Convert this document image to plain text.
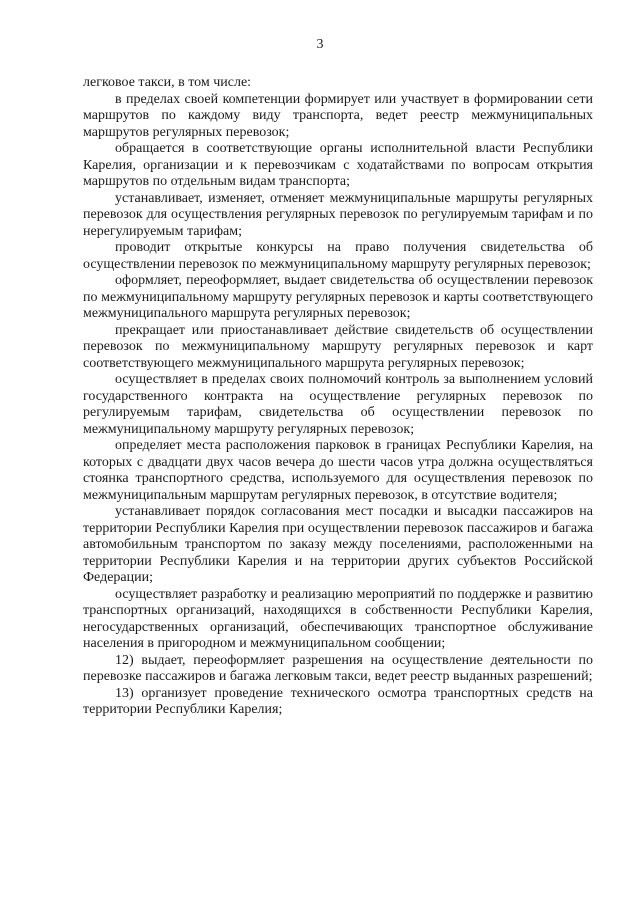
3

легковое такси, в том числе:

в пределах своей компетенции формирует или участвует в формировании сети маршрутов по каждому виду транспорта, ведет реестр межмуниципальных маршрутов регулярных перевозок;

обращается в соответствующие органы исполнительной власти Республики Карелия, организации и к перевозчикам с ходатайствами по вопросам открытия маршрутов по отдельным видам транспорта;

устанавливает, изменяет, отменяет межмуниципальные маршруты регулярных перевозок для осуществления регулярных перевозок по регулируемым тарифам и по нерегулируемым тарифам;

проводит открытые конкурсы на право получения свидетельства об осуществлении перевозок по межмуниципальному маршруту регулярных перевозок;

оформляет, переоформляет, выдает свидетельства об осуществлении перевозок по межмуниципальному маршруту регулярных перевозок и карты соответствующего межмуниципального маршрута регулярных перевозок;

прекращает или приостанавливает действие свидетельств об осуществлении перевозок по межмуниципальному маршруту регулярных перевозок и карт соответствующего межмуниципального маршрута регулярных перевозок;

осуществляет в пределах своих полномочий контроль за выполнением условий государственного контракта на осуществление регулярных перевозок по регулируемым тарифам, свидетельства об осуществлении перевозок по межмуниципальному маршруту регулярных перевозок;

определяет места расположения парковок в границах Республики Карелия, на которых с двадцати двух часов вечера до шести часов утра должна осуществляться стоянка транспортного средства, используемого для осуществления перевозок по межмуниципальным маршрутам регулярных перевозок, в отсутствие водителя;

устанавливает порядок согласования мест посадки и высадки пассажиров на территории Республики Карелия при осуществлении перевозок пассажиров и багажа автомобильным транспортом по заказу между поселениями, расположенными на территории Республики Карелия и на территории других субъектов Российской Федерации;

осуществляет разработку и реализацию мероприятий по поддержке и развитию транспортных организаций, находящихся в собственности Республики Карелия, негосударственных организаций, обеспечивающих транспортное обслуживание населения в пригородном и межмуниципальном сообщении;

12) выдает, переоформляет разрешения на осуществление деятельности по перевозке пассажиров и багажа легковым такси, ведет реестр выданных разрешений;

13) организует проведение технического осмотра транспортных средств на территории Республики Карелия;
